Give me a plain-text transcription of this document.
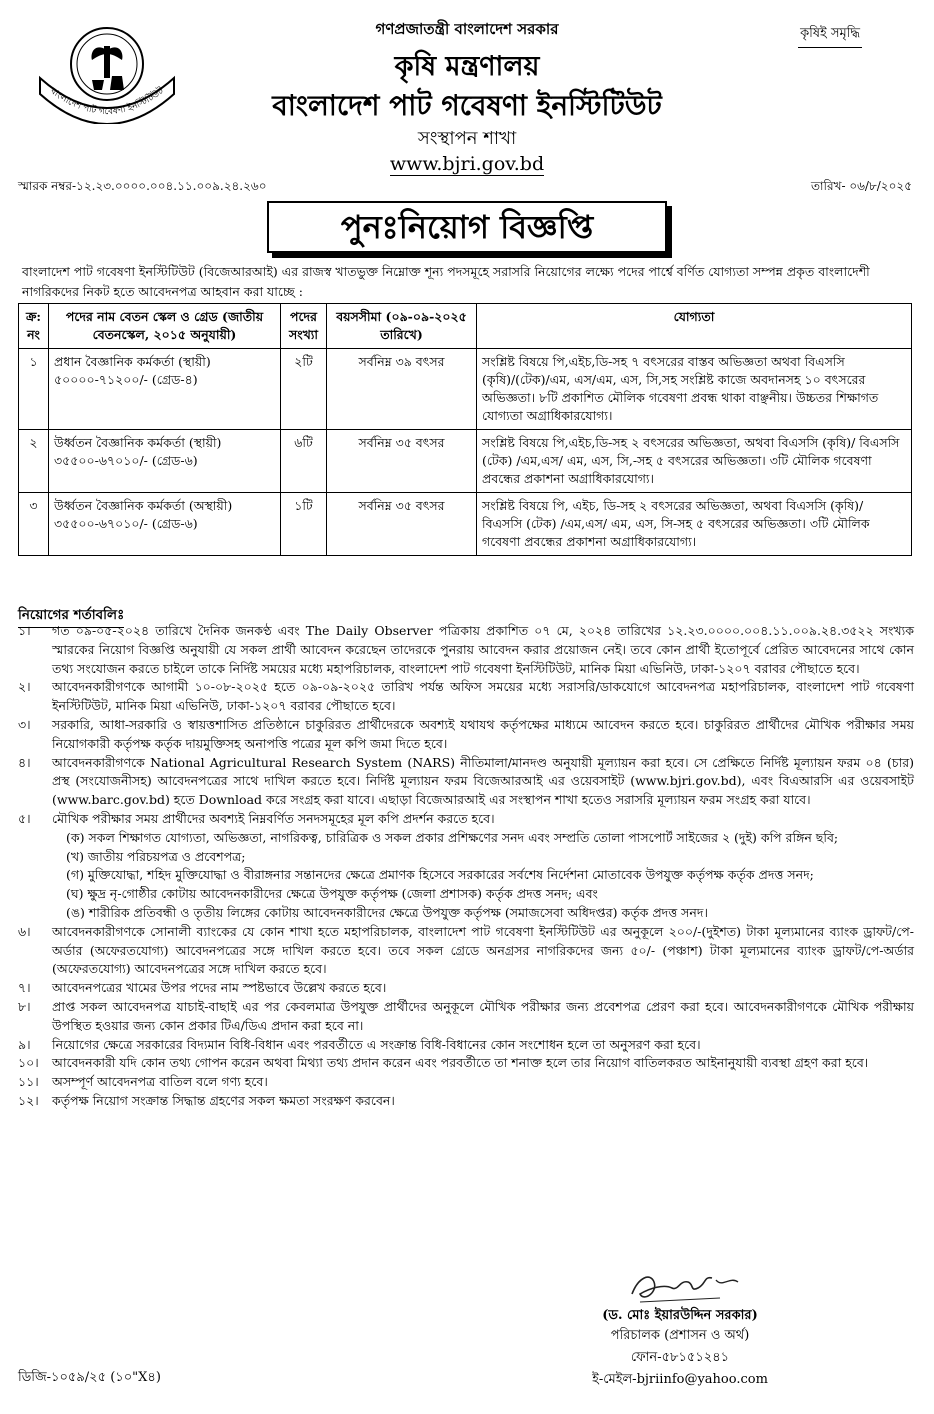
কৃষিই সমৃদ্ধি
বাংলাদেশ পাট গবেষণা ইনস্টিটিউট
গণপ্রজাতন্ত্রী বাংলাদেশ সরকার
কৃষি মন্ত্রণালয়
বাংলাদেশ পাট গবেষণা ইনস্টিটিউট
সংস্থাপন শাখা
www.bjri.gov.bd
স্মারক নম্বর-১২.২৩.০০০০.০০৪.১১.০০৯.২৪.২৬০	তারিখ- ০৬/৮/২০২৫
পুনঃনিয়োগ বিজ্ঞপ্তি
বাংলাদেশ পাট গবেষণা ইনস্টিটিউট (বিজেআরআই) এর রাজস্ব খাতভুক্ত নিম্নোক্ত শূন্য পদসমূহে সরাসরি নিয়োগের লক্ষ্যে পদের পার্শ্বে বর্ণিত যোগ্যতা সম্পন্ন প্রকৃত বাংলাদেশী নাগরিকদের নিকট হতে আবেদনপত্র আহবান করা যাচ্ছে :
ক্র: নং	পদের নাম বেতন স্কেল ও গ্রেড (জাতীয় বেতনস্কেল, ২০১৫ অনুযায়ী)	পদের সংখ্যা	বয়সসীমা (০৯-০৯-২০২৫ তারিখে)	যোগ্যতা
১	প্রধান বৈজ্ঞানিক কর্মকর্তা (স্থায়ী)
৫০০০০-৭১২০০/- (গ্রেড-৪)	২টি	সর্বনিম্ন ৩৯ বৎসর	সংশ্লিষ্ট বিষয়ে পি,এইচ,ডি-সহ ৭ বৎসরের বাস্তব অভিজ্ঞতা অথবা বিএসসি (কৃষি)/(টেক)/এম, এস/এম, এস, সি,সহ সংশ্লিষ্ট কাজে অবদানসহ ১০ বৎসরের অভিজ্ঞতা। ৮টি প্রকাশিত মৌলিক গবেষণা প্রবন্ধ থাকা বাঞ্ছনীয়। উচ্চতর শিক্ষাগত যোগ্যতা অগ্রাধিকারযোগ্য।
২	উর্ধ্বতন বৈজ্ঞানিক কর্মকর্তা (স্থায়ী)
৩৫৫০০-৬৭০১০/- (গ্রেড-৬)	৬টি	সর্বনিম্ন ৩৫ বৎসর	সংশ্লিষ্ট বিষয়ে পি,এইচ,ডি-সহ ২ বৎসরের অভিজ্ঞতা, অথবা বিএসসি (কৃষি)/ বিএসসি (টেক) /এম,এস/ এম, এস, সি,-সহ ৫ বৎসরের অভিজ্ঞতা। ৩টি মৌলিক গবেষণা প্রবন্ধের প্রকাশনা অগ্রাধিকারযোগ্য।
৩	উর্ধ্বতন বৈজ্ঞানিক কর্মকর্তা (অস্থায়ী)
৩৫৫০০-৬৭০১০/- (গ্রেড-৬)	১টি	সর্বনিম্ন ৩৫ বৎসর	সংশ্লিষ্ট বিষয়ে পি, এইচ, ডি-সহ ২ বৎসরের অভিজ্ঞতা, অথবা বিএসসি (কৃষি)/ বিএসসি (টেক) /এম,এস/ এম, এস, সি-সহ ৫ বৎসরের অভিজ্ঞতা। ৩টি মৌলিক গবেষণা প্রবন্ধের প্রকাশনা অগ্রাধিকারযোগ্য।
নিয়োগের শর্তাবলিঃ
১।	গত ০৯-০৫-২০২৪ তারিখে দৈনিক জনকণ্ঠ এবং The Daily Observer পত্রিকায় প্রকাশিত ০৭ মে, ২০২৪ তারিখের ১২.২৩.০০০০.০০৪.১১.০০৯.২৪.৩৫২২ সংখ্যক স্মারকের নিয়োগ বিজ্ঞপ্তি অনুযায়ী যে সকল প্রার্থী আবেদন করেছেন তাদেরকে পুনরায় আবেদন করার প্রয়োজন নেই। তবে কোন প্রার্থী ইতোপূর্বে প্রেরিত আবেদনের সাথে কোন তথ্য সংযোজন করতে চাইলে তাকে নির্দিষ্ট সময়ের মধ্যে মহাপরিচালক, বাংলাদেশ পাট গবেষণা ইনস্টিটিউট, মানিক মিয়া এভিনিউ, ঢাকা-১২০৭ বরাবর পৌছাতে হবে।
২।	আবেদনকারীগণকে আগামী ১০-০৮-২০২৫ হতে ০৯-০৯-২০২৫ তারিখ পর্যন্ত অফিস সময়ের মধ্যে সরাসরি/ডাকযোগে আবেদনপত্র মহাপরিচালক, বাংলাদেশ পাট গবেষণা ইনস্টিটিউট, মানিক মিয়া এভিনিউ, ঢাকা-১২০৭ বরাবর পৌছাতে হবে।
৩।	সরকারি, আধা-সরকারি ও স্বায়ত্তশাসিত প্রতিষ্ঠানে চাকুরিরত প্রার্থীদেরকে অবশ্যই যথাযথ কর্তৃপক্ষের মাধ্যমে আবেদন করতে হবে। চাকুরিরত প্রার্থীদের মৌখিক পরীক্ষার সময় নিয়োগকারী কর্তৃপক্ষ কর্তৃক দায়মুক্তিসহ অনাপত্তি পত্রের মূল কপি জমা দিতে হবে।
৪।	আবেদনকারীগণকে National Agricultural Research System (NARS) নীতিমালা/মানদণ্ড অনুযায়ী মূল্যায়ন করা হবে। সে প্রেক্ষিতে নির্দিষ্ট মূল্যায়ন ফরম ০৪ (চার) প্রস্থ (সংযোজনীসহ) আবেদনপত্রের সাথে দাখিল করতে হবে। নির্দিষ্ট মূল্যায়ন ফরম বিজেআরআই এর ওয়েবসাইট (www.bjri.gov.bd), এবং বিএআরসি এর ওয়েবসাইট (www.barc.gov.bd) হতে Download করে সংগ্রহ করা যাবে। এছাড়া বিজেআরআই এর সংস্থাপন শাখা হতেও সরাসরি মূল্যায়ন ফরম সংগ্রহ করা যাবে।
৫।	মৌখিক পরীক্ষার সময় প্রার্থীদের অবশ্যই নিম্নবর্ণিত সনদসমূহের মূল কপি প্রদর্শন করতে হবে।
(ক) সকল শিক্ষাগত যোগ্যতা, অভিজ্ঞতা, নাগরিকত্ব, চারিত্রিক ও সকল প্রকার প্রশিক্ষণের সনদ এবং সম্প্রতি তোলা পাসপোর্ট সাইজের ২ (দুই) কপি রঙ্গিন ছবি;
(খ) জাতীয় পরিচয়পত্র ও প্রবেশপত্র;
(গ) মুক্তিযোদ্ধা, শহিদ মুক্তিযোদ্ধা ও বীরাঙ্গনার সন্তানদের ক্ষেত্রে প্রমাণক হিসেবে সরকারের সর্বশেষ নির্দেশনা মোতাবেক উপযুক্ত কর্তৃপক্ষ কর্তৃক প্রদত্ত সনদ;
(ঘ) ক্ষুদ্র নৃ-গোষ্ঠীর কোটায় আবেদনকারীদের ক্ষেত্রে উপযুক্ত কর্তৃপক্ষ (জেলা প্রশাসক) কর্তৃক প্রদত্ত সনদ; এবং
(ঙ) শারীরিক প্রতিবন্ধী ও তৃতীয় লিঙ্গের কোটায় আবেদনকারীদের ক্ষেত্রে উপযুক্ত কর্তৃপক্ষ (সমাজসেবা অধিদপ্তর) কর্তৃক প্রদত্ত সনদ।
৬।	আবেদনকারীগণকে সোনালী ব্যাংকের যে কোন শাখা হতে মহাপরিচালক, বাংলাদেশ পাট গবেষণা ইনস্টিটিউট এর অনুকূলে ২০০/-(দুইশত) টাকা মূল্যমানের ব্যাংক ড্রাফট/পে-অর্ডার (অফেরতযোগ্য) আবেদনপত্রের সঙ্গে দাখিল করতে হবে। তবে সকল গ্রেডে অনগ্রসর নাগরিকদের জন্য ৫০/- (পঞ্চাশ) টাকা মূল্যমানের ব্যাংক ড্রাফট/পে-অর্ডার (অফেরতযোগ্য) আবেদনপত্রের সঙ্গে দাখিল করতে হবে।
৭।	আবেদনপত্রের খামের উপর পদের নাম স্পষ্টভাবে উল্লেখ করতে হবে।
৮।	প্রাপ্ত সকল আবেদনপত্র যাচাই-বাছাই এর পর কেবলমাত্র উপযুক্ত প্রার্থীদের অনুকূলে মৌখিক পরীক্ষার জন্য প্রবেশপত্র প্রেরণ করা হবে। আবেদনকারীগণকে মৌখিক পরীক্ষায় উপস্থিত হওয়ার জন্য কোন প্রকার টিএ/ডিএ প্রদান করা হবে না।
৯।	নিয়োগের ক্ষেত্রে সরকারের বিদ্যমান বিধি-বিধান এবং পরবর্তীতে এ সংক্রান্ত বিধি-বিধানের কোন সংশোধন হলে তা অনুসরণ করা হবে।
১০।	আবেদনকারী যদি কোন তথ্য গোপন করেন অথবা মিথ্যা তথ্য প্রদান করেন এবং পরবর্তীতে তা শনাক্ত হলে তার নিয়োগ বাতিলকরত আইনানুযায়ী ব্যবস্থা গ্রহণ করা হবে।
১১।	অসম্পূর্ণ আবেদনপত্র বাতিল বলে গণ্য হবে।
১২।	কর্তৃপক্ষ নিয়োগ সংক্রান্ত সিদ্ধান্ত গ্রহণের সকল ক্ষমতা সংরক্ষণ করবেন।
(ড. মোঃ ইয়ারউদ্দিন সরকার)
পরিচালক (প্রশাসন ও অর্থ)
ফোন-৫৮১৫১২৪১
ই-মেইল-bjriinfo@yahoo.com
ডিজি-১০৫৯/২৫ (১০"X৪)
